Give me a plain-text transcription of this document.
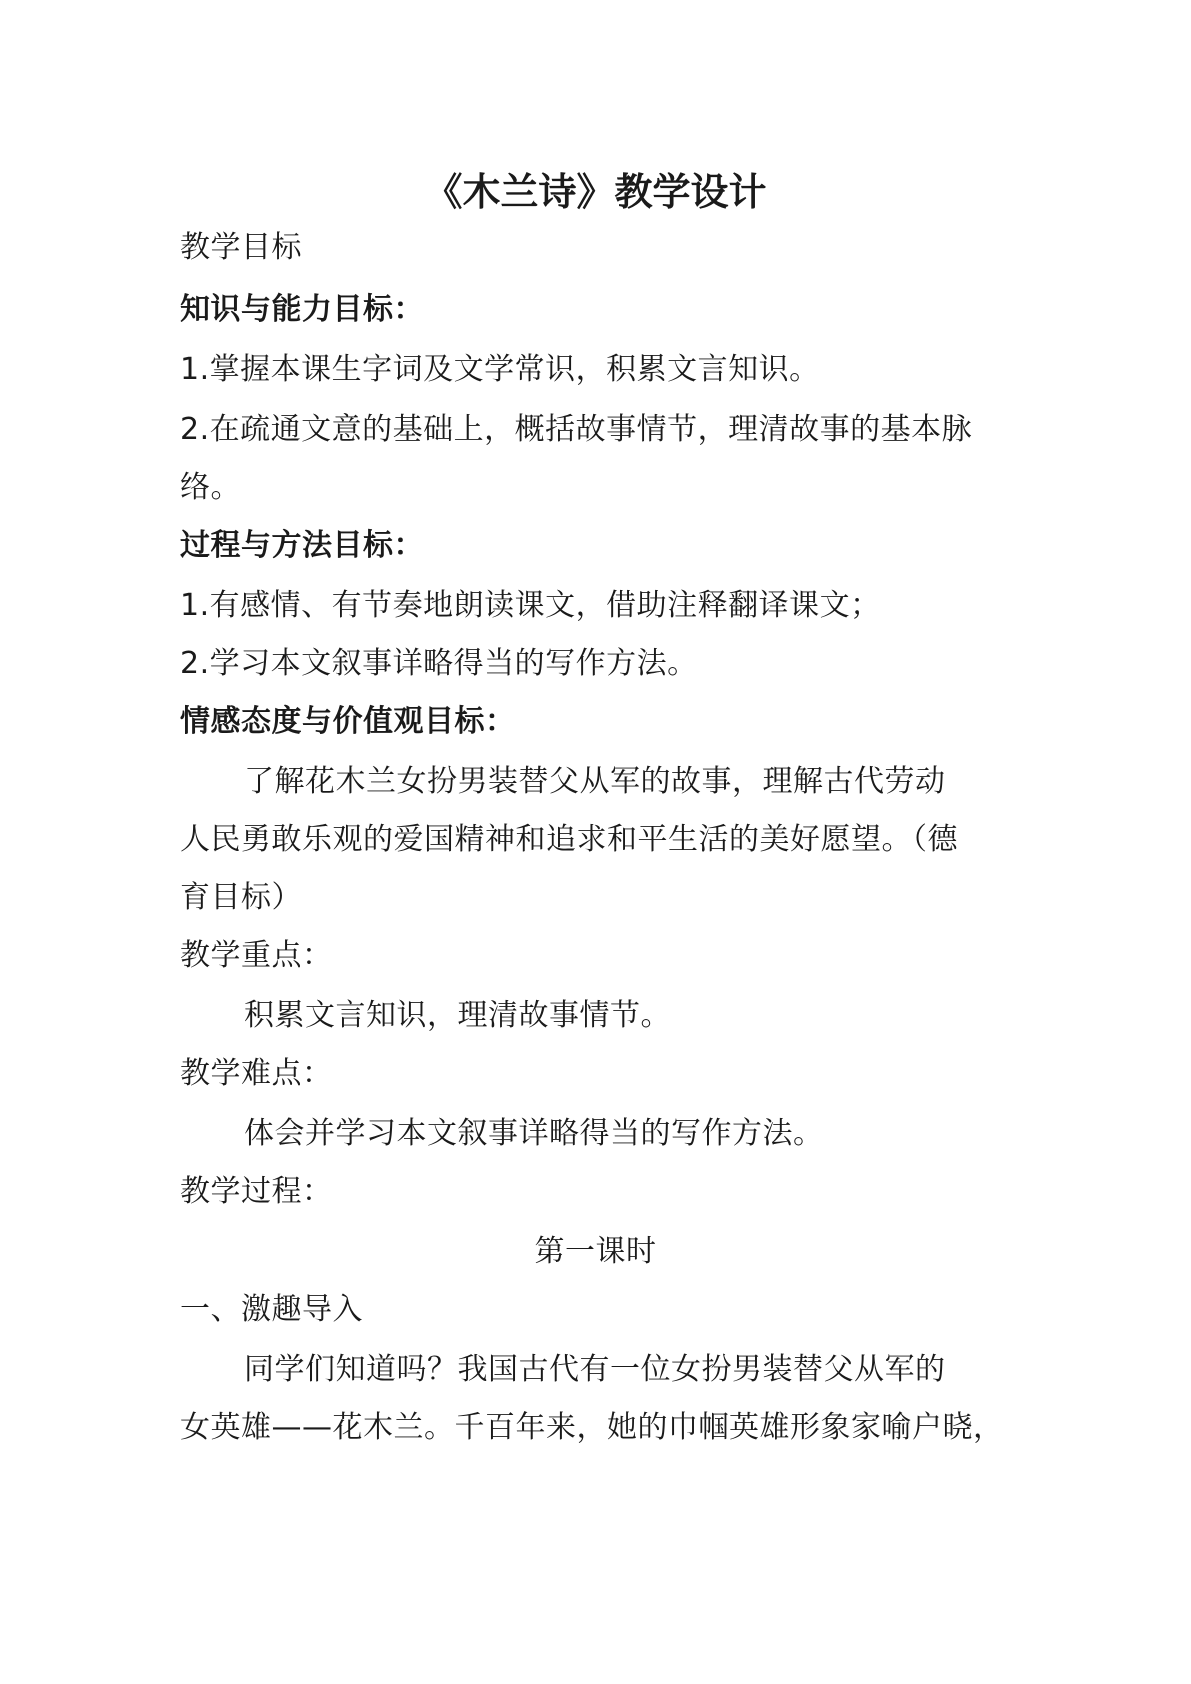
《木兰诗》教学设计
教学目标
知识与能力目标：
1.掌握本课生字词及文学常识，积累文言知识。
2.在疏通文意的基础上，概括故事情节，理清故事的基本脉
络。
过程与方法目标：
1.有感情、有节奏地朗读课文，借助注释翻译课文；
2.学习本文叙事详略得当的写作方法。
情感态度与价值观目标：
了解花木兰女扮男装替父从军的故事，理解古代劳动
人民勇敢乐观的爱国精神和追求和平生活的美好愿望。（德
育目标）
教学重点：
积累文言知识，理清故事情节。
教学难点：
体会并学习本文叙事详略得当的写作方法。
教学过程：
第一课时
一、激趣导入
同学们知道吗？我国古代有一位女扮男装替父从军的
女英雄——花木兰。千百年来，她的巾帼英雄形象家喻户晓，
